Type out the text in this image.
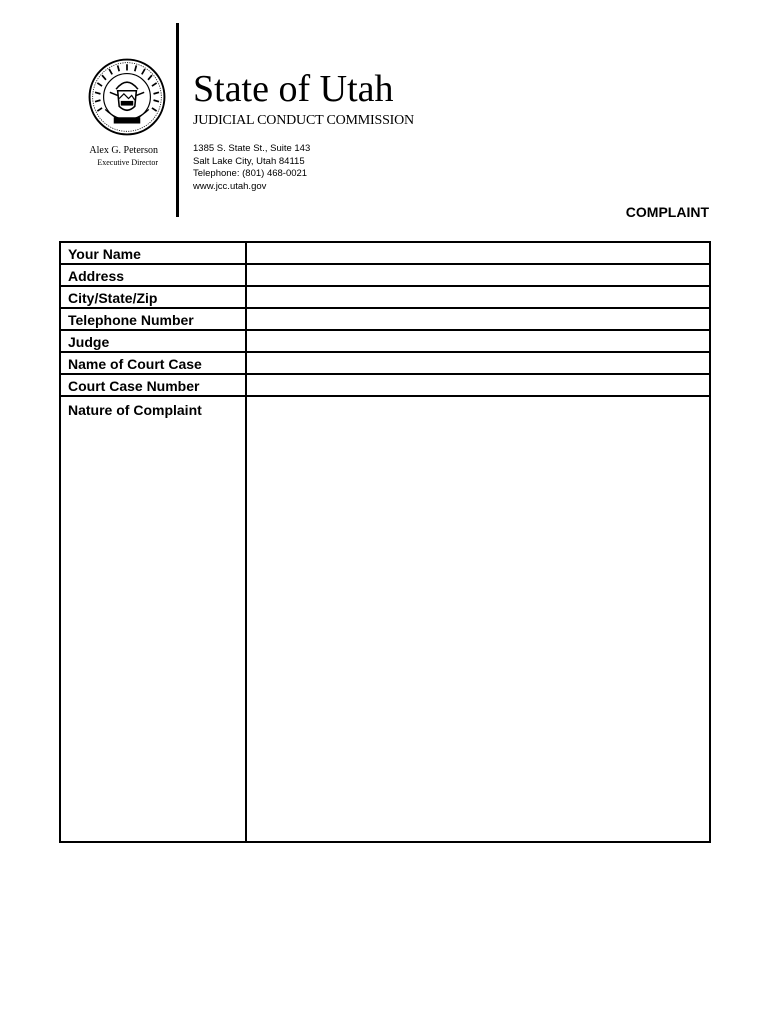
Alex G. Peterson
Executive Director
State of Utah
JUDICIAL CONDUCT COMMISSION
1385 S. State St., Suite 143
Salt Lake City, Utah 84115
Telephone: (801) 468-0021
www.jcc.utah.gov
COMPLAINT
Your Name	
Address	
City/State/Zip	
Telephone Number	
Judge	
Name of Court Case	
Court Case Number	
Nature of Complaint	
